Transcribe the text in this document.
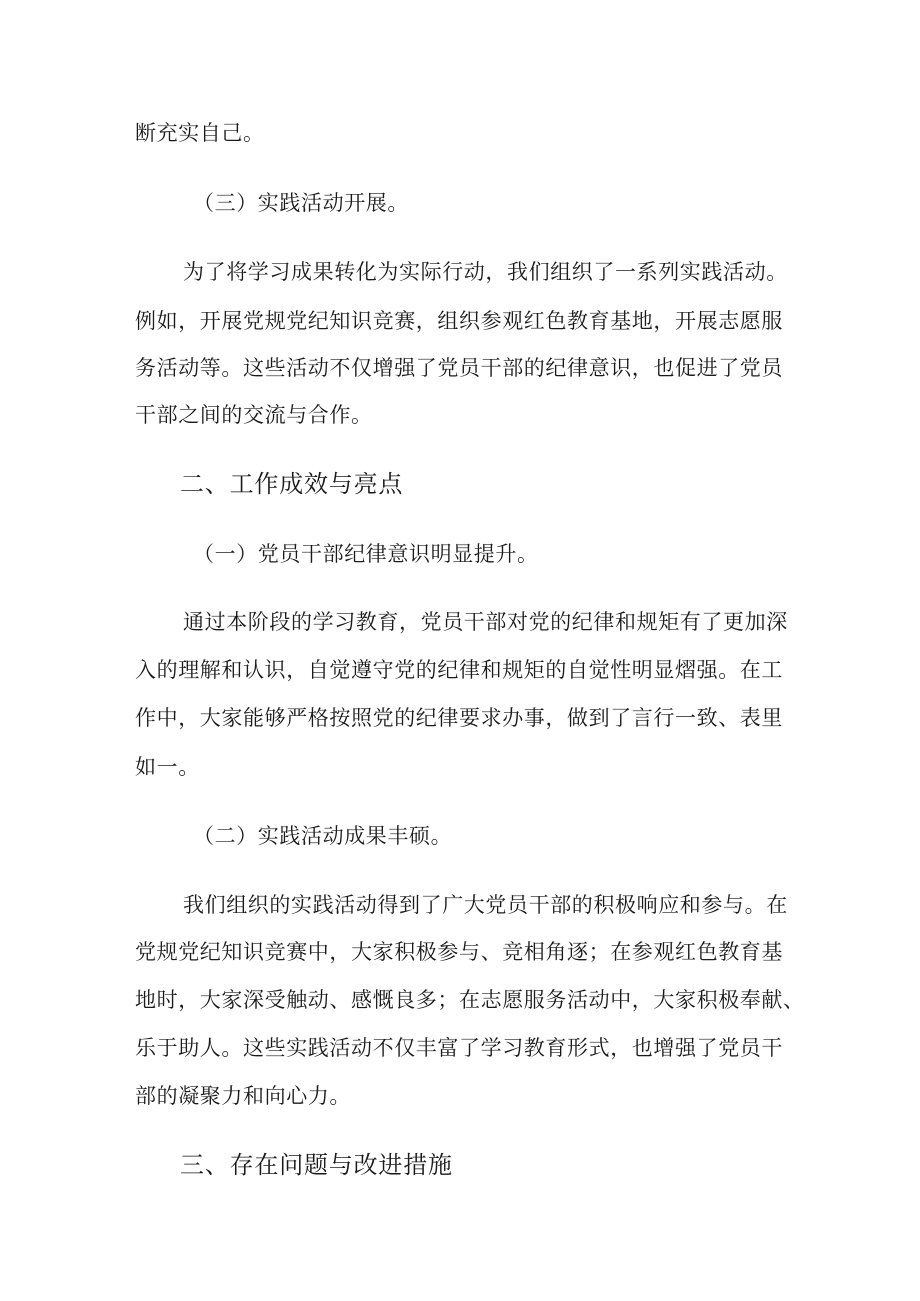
断充实自己。
（三）实践活动开展。
为了将学习成果转化为实际行动，我们组织了一系列实践活动。
例如，开展党规党纪知识竞赛，组织参观红色教育基地，开展志愿服
务活动等。这些活动不仅增强了党员干部的纪律意识，也促进了党员
干部之间的交流与合作。
二、工作成效与亮点
（一）党员干部纪律意识明显提升。
通过本阶段的学习教育，党员干部对党的纪律和规矩有了更加深
入的理解和认识，自觉遵守党的纪律和规矩的自觉性明显熠强。在工
作中，大家能够严格按照党的纪律要求办事，做到了言行一致、表里
如一。
（二）实践活动成果丰硕。
我们组织的实践活动得到了广大党员干部的积极响应和参与。在
党规党纪知识竞赛中，大家积极参与、竞相角逐；在参观红色教育基
地时，大家深受触动、感慨良多；在志愿服务活动中，大家积极奉献、
乐于助人。这些实践活动不仅丰富了学习教育形式，也增强了党员干
部的凝聚力和向心力。
三、存在问题与改进措施
